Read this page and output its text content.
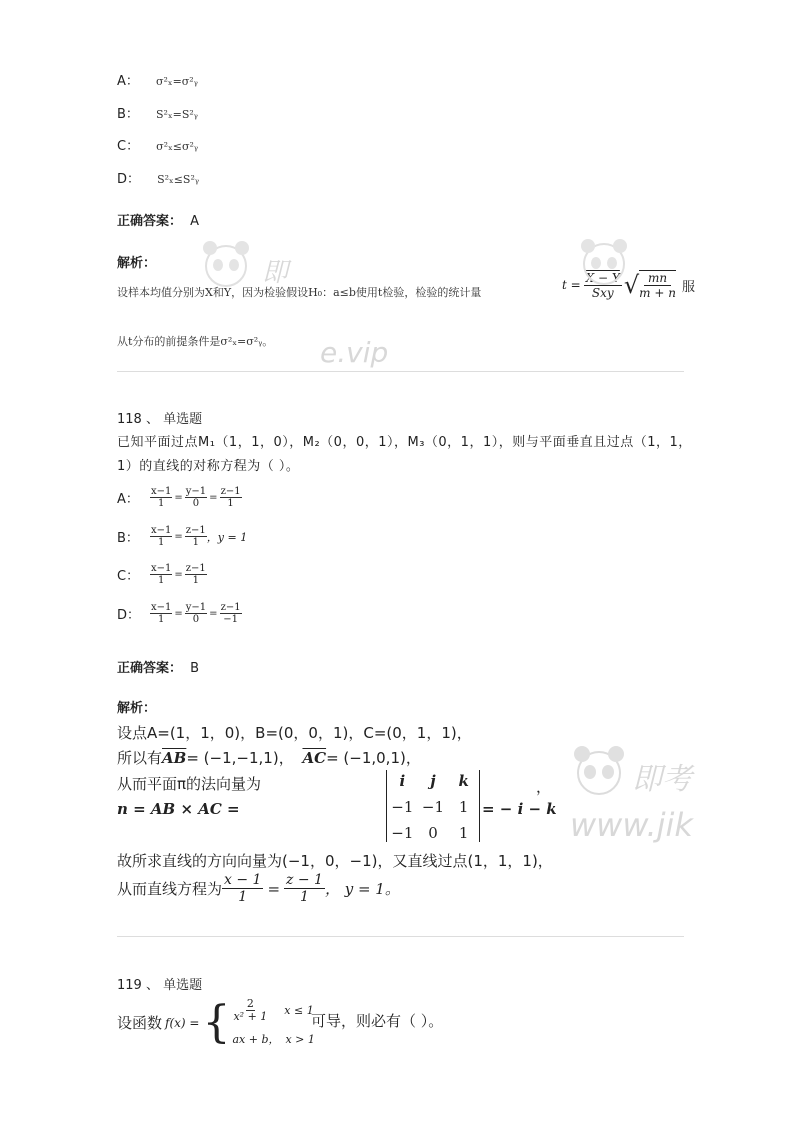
A： σ²ₓ=σ²ᵧ
B： S²ₓ=S²ᵧ
C： σ²ₓ≤σ²ᵧ
D： S²ₓ≤S²ᵧ
正确答案： A
解析：
设样本均值分别为X和Y，因为检验假设H₀：a≤b使用t检验，检验的统计量
t =
X − Y
Sxy √ $\frac{mn}{m + n}$ 服
从t分布的前提条件是σ²ₓ=σ²ᵧ。
即
e.vip
118 、 单选题
已知平面过点M₁（1，1，0），M₂（0，0，1），M₃（0，1，1），则与平面垂直且过点（1，1，
1）的直线的对称方程为（ ）。
A：	$\frac{x-1}{1} = \frac{y-1}{0} = \frac{z-1}{1}$
B：	$\frac{x-1}{1} = \frac{z-1}{1}$ ，y = 1
C：	$\frac{x-1}{1} = \frac{z-1}{1}$
D： $\frac{x-1}{1} = \frac{y-1}{0} = \frac{z-1}{-1}$
正确答案： B
解析：
设点A=(1，1，0)，B=(0，0，1)，C=(0，1，1)，
所以有$\overline{AB}= (-1,-1,1)$， $\overline{AC}= (-1,0,1)$，
从而平面π的法向量为
n = AB × AC =
i	j	k
−1 −1 1
−1 0	1
= − i − k
，	即考
www.jik
故所求直线的方向向量为(−1，0，−1)，又直线过点(1，1，1)，
从而直线方程为 $\frac{x - 1}{1} = \frac{z - 1}{1}$ ， y = 1。
119 、 单选题
设函数 f(x) = { $\frac{2}{\text{x² + 1}}$ x ≤ 1
ax + b， x > 1
可导，则必有（ ）。
